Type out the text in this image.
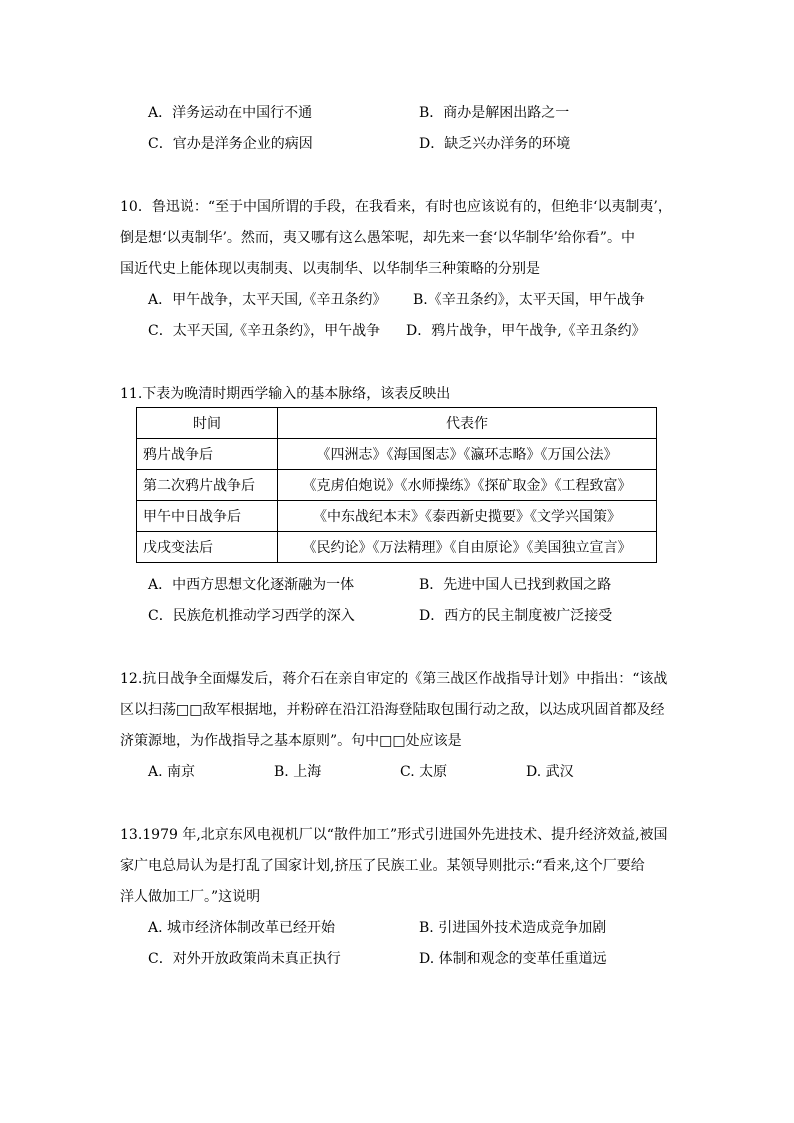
A．洋务运动在中国行不通	B．商办是解困出路之一
C．官办是洋务企业的病因	D．缺乏兴办洋务的环境
10．鲁迅说：“至于中国所谓的手段，在我看来，有时也应该说有的，但绝非‘以夷制夷’，
倒是想‘以夷制华’。然而，夷又哪有这么愚笨呢，却先来一套‘以华制华’给你看”。中
国近代史上能体现以夷制夷、以夷制华、以华制华三种策略的分别是
A．甲午战争，太平天国,《辛丑条约》 B.《辛丑条约》，太平天国，甲午战争
C．太平天国,《辛丑条约》，甲午战争 D．鸦片战争，甲午战争,《辛丑条约》
11.下表为晚清时期西学输入的基本脉络，该表反映出
时间	代表作
鸦片战争后	《四洲志》《海国图志》《瀛环志略》《万国公法》
第二次鸦片战争后	《克虏伯炮说》《水师操练》《探矿取金》《工程致富》
甲午中日战争后	《中东战纪本末》《泰西新史揽要》《文学兴国策》
戊戌变法后	《民约论》《万法精理》《自由原论》《美国独立宣言》
A．中西方思想文化逐渐融为一体	B．先进中国人已找到救国之路
C．民族危机推动学习西学的深入	D．西方的民主制度被广泛接受
12.抗日战争全面爆发后，蒋介石在亲自审定的《第三战区作战指导计划》中指出：“该战
区以扫荡□□敌军根据地，并粉碎在沿江沿海登陆取包围行动之敌，以达成巩固首都及经
济策源地，为作战指导之基本原则”。句中□□处应该是
A. 南京	B. 上海	C. 太原	D. 武汉
13.1979 年,北京东风电视机厂以“散件加工”形式引进国外先进技术、提升经济效益,被国
家广电总局认为是打乱了国家计划,挤压了民族工业。某领导则批示:“看来,这个厂要给
洋人做加工厂。”这说明
A. 城市经济体制改革已经开始	B. 引进国外技术造成竞争加剧
C．对外开放政策尚未真正执行	D. 体制和观念的变革任重道远
